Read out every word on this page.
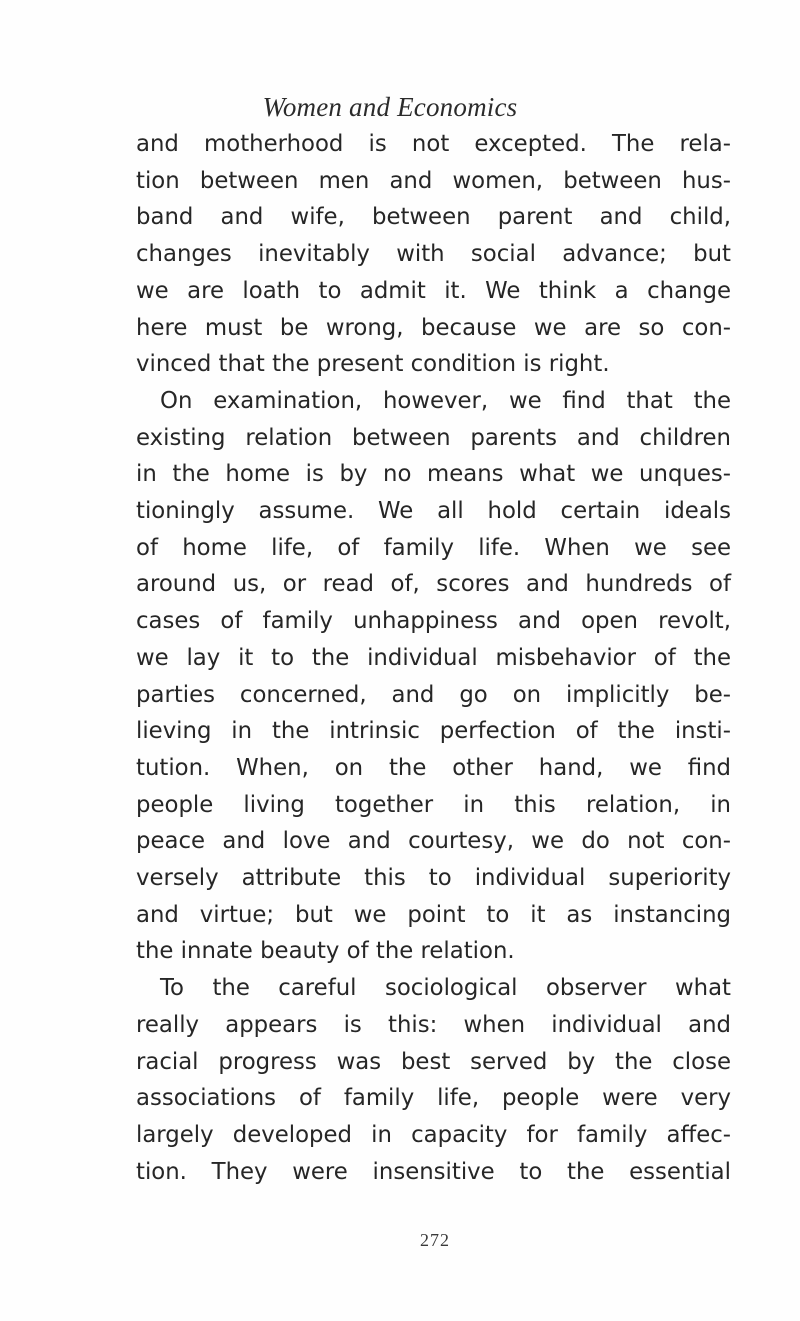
Women and Economics
and motherhood is not excepted. The rela-
tion between men and women, between hus-
band and wife, between parent and child,
changes inevitably with social advance; but
we are loath to admit it. We think a change
here must be wrong, because we are so con-
vinced that the present condition is right.
On examination, however, we find that the
existing relation between parents and children
in the home is by no means what we unques-
tioningly assume. We all hold certain ideals
of home life, of family life. When we see
around us, or read of, scores and hundreds of
cases of family unhappiness and open revolt,
we lay it to the individual misbehavior of the
parties concerned, and go on implicitly be-
lieving in the intrinsic perfection of the insti-
tution. When, on the other hand, we find
people living together in this relation, in
peace and love and courtesy, we do not con-
versely attribute this to individual superiority
and virtue; but we point to it as instancing
the innate beauty of the relation.
To the careful sociological observer what
really appears is this: when individual and
racial progress was best served by the close
associations of family life, people were very
largely developed in capacity for family affec-
tion. They were insensitive to the essential
272
